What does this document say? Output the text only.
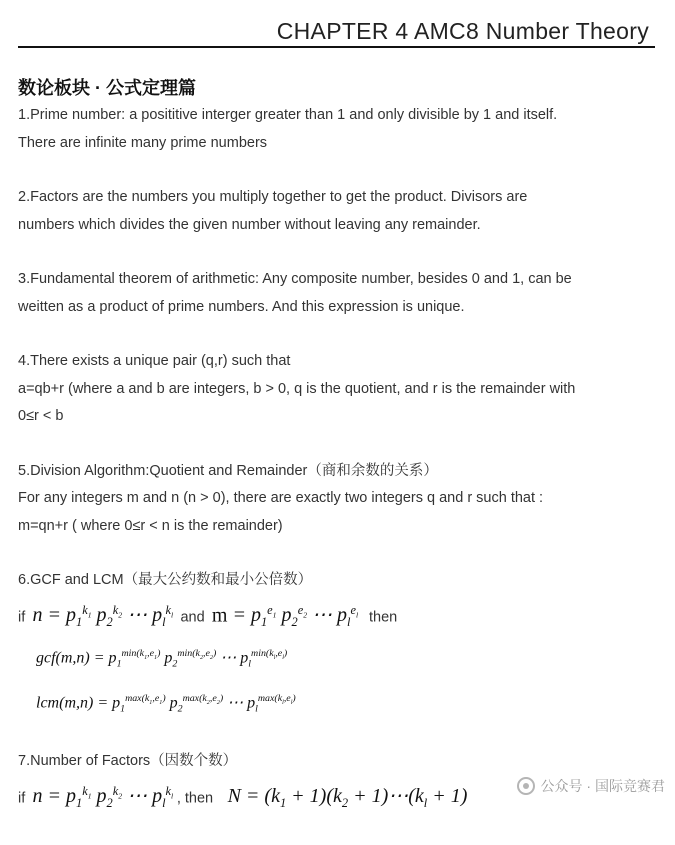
CHAPTER 4 AMC8 Number Theory
数论板块 · 公式定理篇
1.Prime number: a posititive interger greater than 1 and only divisible by 1 and itself.
There are infinite many prime numbers
2.Factors are the numbers you multiply together to get the product. Divisors are
numbers which divides the given number without leaving any remainder.
3.Fundamental theorem of arithmetic: Any composite number, besides 0 and 1, can be
weitten as a product of prime numbers. And this expression is unique.
4.There exists a unique pair (q,r) such that
a=qb+r (where a and b are integers, b > 0, q is the quotient, and r is the remainder with
0≤r < b
5.Division Algorithm:Quotient and Remainder（商和余数的关系）
For any integers m and n (n > 0), there are exactly two integers q and r such that :
m=qn+r ( where 0≤r < n is the remainder)
6.GCF and LCM（最大公约数和最小公倍数）
if $n = p_1^{k_1}$ $p_2^{k_2}$ ⋯ $p_l^{k_l}$ and $m = p_1^{e_1}$ $p_2^{e_2}$ ⋯ $p_l^{e_l}$ then
$gcf(m,n) = p_1^{min(k_1,e_1)}$ $p_2^{min(k_2,e_2)}$ ⋯ $p_l^{min(k_l,e_l)}$
$lcm(m,n) = p_1^{max(k_1,e_1)}$ $p_2^{max(k_2,e_2)}$ ⋯ $p_l^{max(k_l,e_l)}$
7.Number of Factors（因数个数）
if $n = p_1^{k_1}$ $p_2^{k_2}$ ⋯ $p_l^{k_l}$ , then $N = (k_1 + 1)(k_2$ + $1)\cdots(k_l + 1)$	公众号 · 国际竞赛君
